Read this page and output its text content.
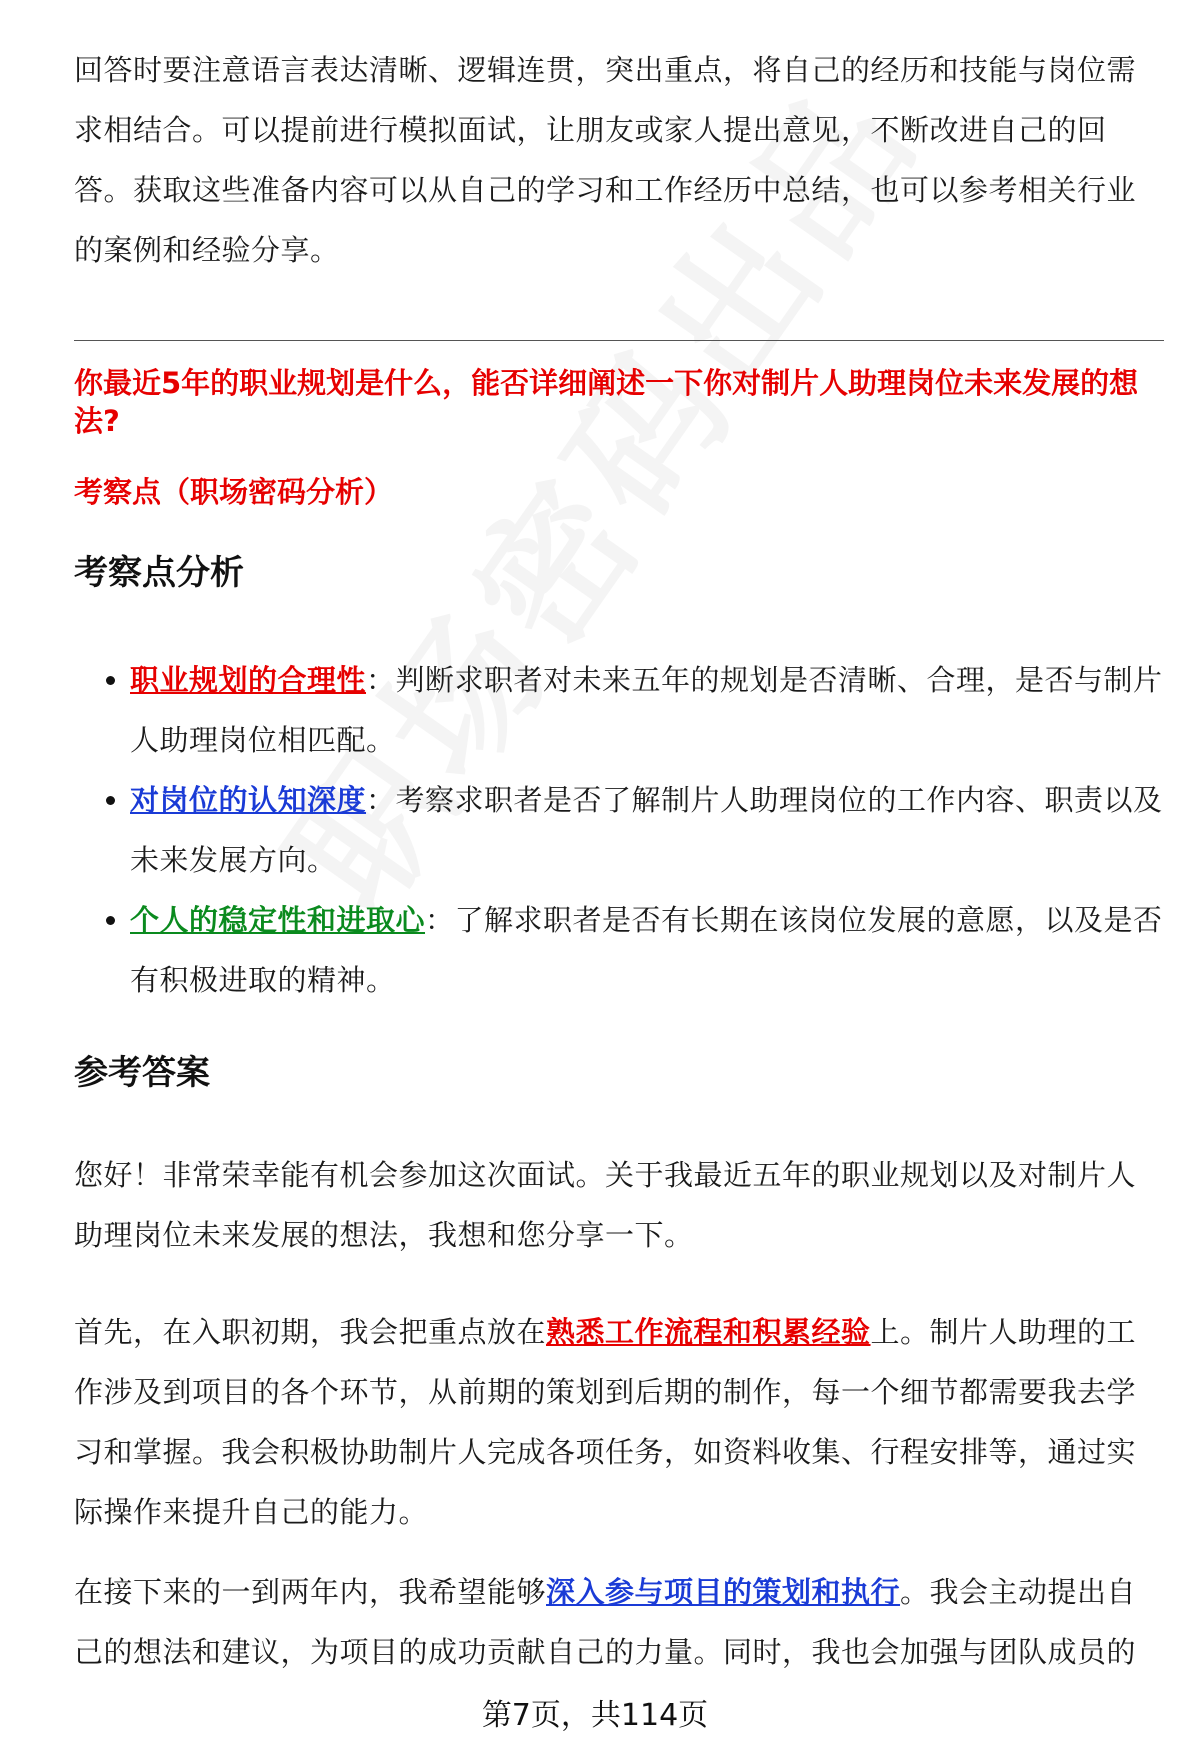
回答时要注意语言表达清晰、逻辑连贯，突出重点，将自己的经历和技能与岗位需求相结合。可以提前进行模拟面试，让朋友或家人提出意见，不断改进自己的回答。获取这些准备内容可以从自己的学习和工作经历中总结，也可以参考相关行业的案例和经验分享。

你最近5年的职业规划是什么，能否详细阐述一下你对制片人助理岗位未来发展的想法?

考察点（职场密码分析）

考察点分析

职业规划的合理性：判断求职者对未来五年的规划是否清晰、合理，是否与制片人助理岗位相匹配。
对岗位的认知深度：考察求职者是否了解制片人助理岗位的工作内容、职责以及未来发展方向。
个人的稳定性和进取心：了解求职者是否有长期在该岗位发展的意愿，以及是否有积极进取的精神。

参考答案

您好！非常荣幸能有机会参加这次面试。关于我最近五年的职业规划以及对制片人助理岗位未来发展的想法，我想和您分享一下。

首先，在入职初期，我会把重点放在熟悉工作流程和积累经验上。制片人助理的工作涉及到项目的各个环节，从前期的策划到后期的制作，每一个细节都需要我去学习和掌握。我会积极协助制片人完成各项任务，如资料收集、行程安排等，通过实际操作来提升自己的能力。

在接下来的一到两年内，我希望能够深入参与项目的策划和执行。我会主动提出自己的想法和建议，为项目的成功贡献自己的力量。同时，我也会加强与团队成员的

第7页，共114页
